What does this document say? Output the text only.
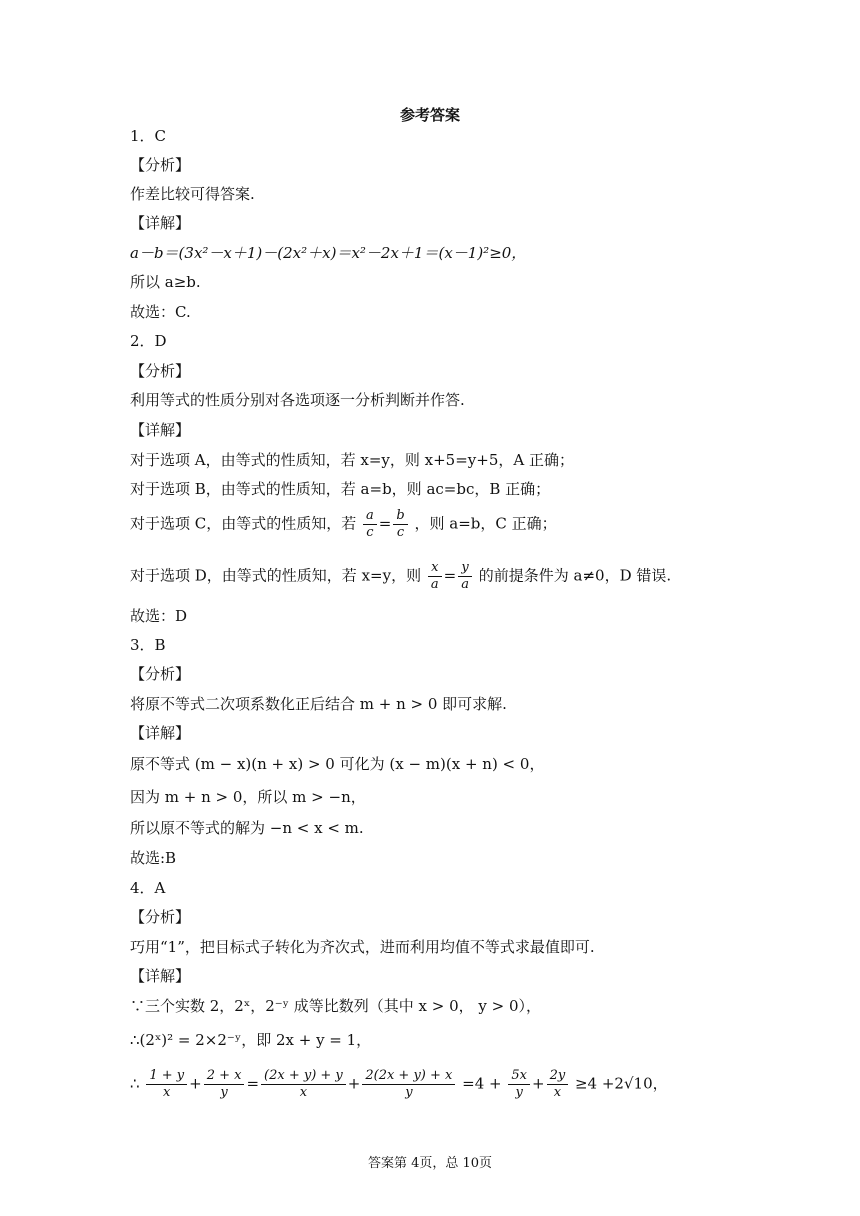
参考答案
1．C
【分析】
作差比较可得答案.
【详解】
a－b＝(3x²－x＋1)－(2x²＋x)＝x²－2x＋1＝(x－1)²≥0，
所以 a≥b.
故选：C.
2．D
【分析】
利用等式的性质分别对各选项逐一分析判断并作答.
【详解】
对于选项 A，由等式的性质知，若 x=y，则 x+5=y+5，A 正确；
对于选项 B，由等式的性质知，若 a=b，则 ac=bc，B 正确；
对于选项 C，由等式的性质知，若 $\frac{a}{c} = \frac{b}{c}$ ，则 a=b，C 正确；
对于选项 D，由等式的性质知，若 x=y，则 $\frac{x}{a} = \frac{y}{a}$ 的前提条件为 a≠0，D 错误.
故选：D
3．B
【分析】
将原不等式二次项系数化正后结合 m + n > 0 即可求解.
【详解】
原不等式 (m − x)(n + x) > 0 可化为 (x − m)(x + n) < 0，
因为 m + n > 0，所以 m > −n，
所以原不等式的解为 −n < x < m.
故选:B
4．A
【分析】
巧用“1”，把目标式子转化为齐次式，进而利用均值不等式求最值即可.
【详解】
∵三个实数 2，2ˣ，2⁻ʸ 成等比数列（其中 x > 0， y > 0），
∴(2ˣ)² = 2×2⁻ʸ，即 2x + y = 1，
∴ $\frac{1 + y}{x} + \frac{2 + x}{y} = \frac{(2x + y) + y}{x} + \frac{2(2x + y) + x}{y} =4 + \frac{5x}{y} + \frac{2y}{x} \ge 4 +2√10$，
答案第 4页，总 10页
